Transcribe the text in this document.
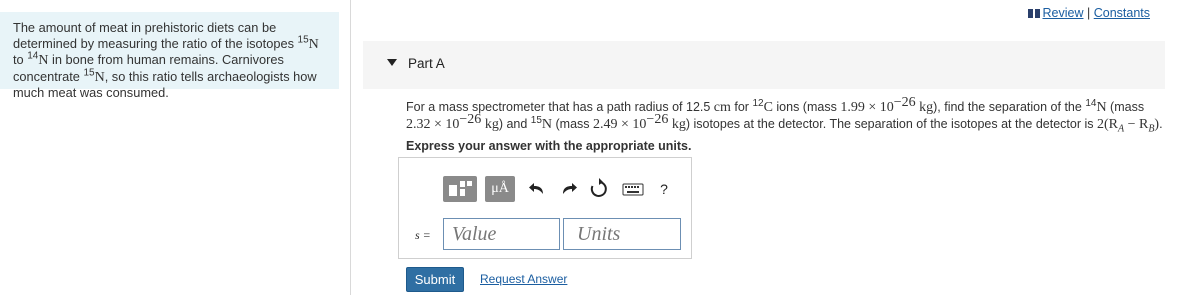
The amount of meat in prehistoric diets can be determined by measuring the ratio of the isotopes $^{15}$N to $^{14}$N in bone from human remains. Carnivores concentrate $^{15}$N, so this ratio tells archaeologists how much meat was consumed.
Review | Constants
Part A
For a mass spectrometer that has a path radius of 12.5 cm for $^{12}$C ions (mass $1.99 \times 10^{-26}$ kg), find the separation of the $^{14}$N (mass $2.32 \times 10^{-26}$ kg) and $^{15}$N (mass $2.49 \times 10^{-26}$ kg) isotopes at the detector. The separation of the isotopes at the detector is $2(R_A - R_B)$.
Express your answer with the appropriate units.
μÅ	?
s =	Value	Units
Submit	Request Answer
